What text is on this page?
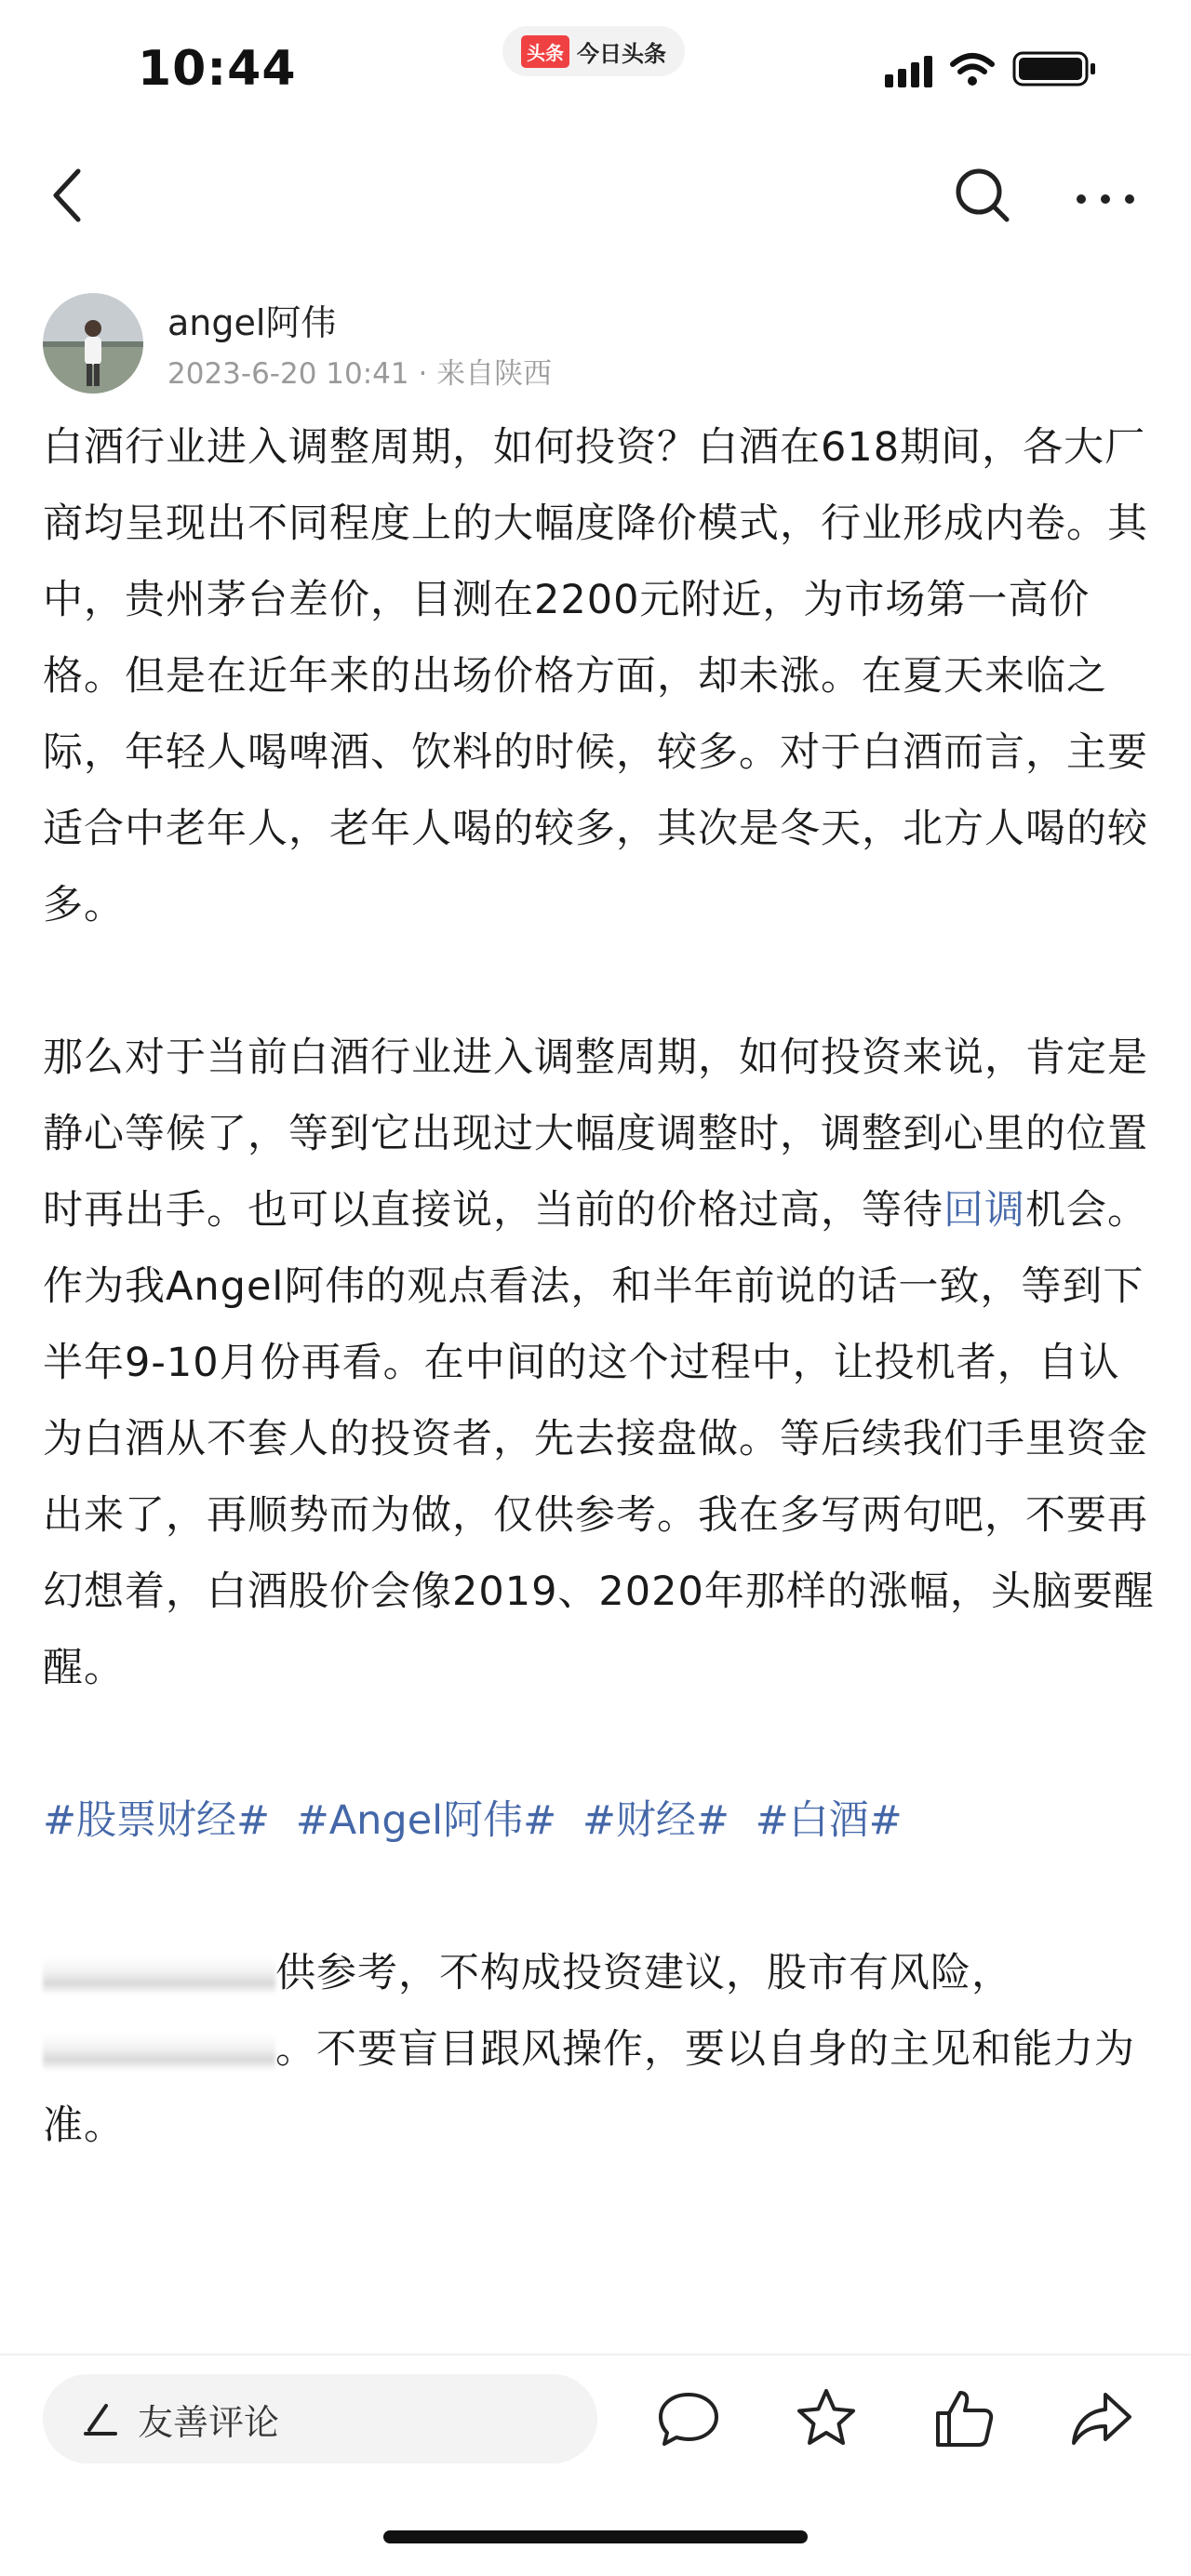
10:44	头条 今日头条
angel阿伟
2023-6-20 10:41 · 来自陕西

白酒行业进入调整周期，如何投资？白酒在618期间，各大厂商均呈现出不同程度上的大幅度降价模式，行业形成内卷。其中，贵州茅台差价，目测在2200元附近，为市场第一高价格。但是在近年来的出场价格方面，却未涨。在夏天来临之际，年轻人喝啤酒、饮料的时候，较多。对于白酒而言，主要适合中老年人，老年人喝的较多，其次是冬天，北方人喝的较多。

那么对于当前白酒行业进入调整周期，如何投资来说，肯定是静心等候了，等到它出现过大幅度调整时，调整到心里的位置时再出手。也可以直接说，当前的价格过高，等待回调机会。作为我Angel阿伟的观点看法，和半年前说的话一致，等到下半年9-10月份再看。在中间的这个过程中，让投机者，自认为白酒从不套人的投资者，先去接盘做。等后续我们手里资金出来了，再顺势而为做，仅供参考。我在多写两句吧，不要再幻想着，白酒股价会像2019、2020年那样的涨幅，头脑要醒醒。

#股票财经# #Angel阿伟# #财经# #白酒#

供参考，不构成投资建议，股市有风险，。不要盲目跟风操作，要以自身的主见和能力为准。

友善评论
